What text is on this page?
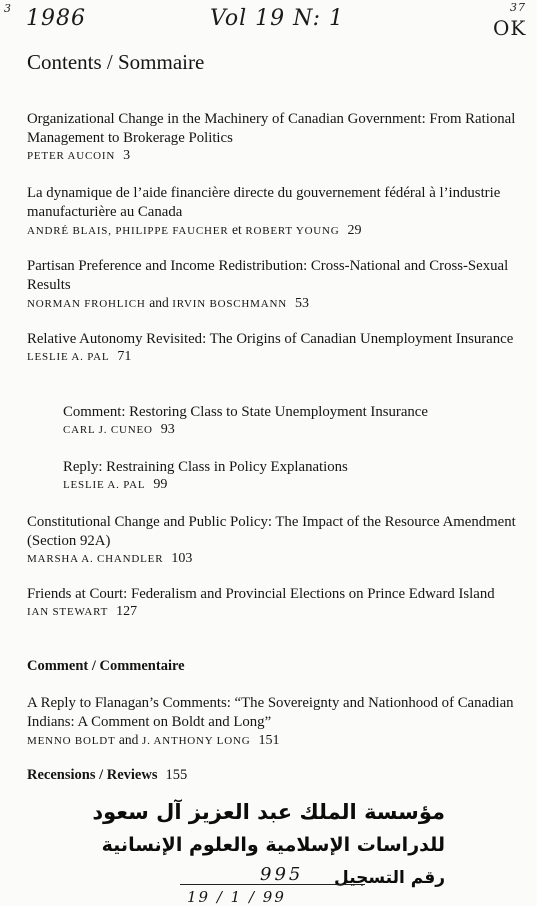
3 1986	Vol 19 N: 1	37
OK
Contents / Sommaire
Organizational Change in the Machinery of Canadian Government: From Rational Management to Brokerage Politics
PETER AUCOIN 3
La dynamique de l’aide financière directe du gouvernement fédéral à l’industrie manufacturière au Canada
ANDRÉ BLAIS, PHILIPPE FAUCHER et ROBERT YOUNG 29
Partisan Preference and Income Redistribution: Cross-National and Cross-Sexual Results
NORMAN FROHLICH and IRVIN BOSCHMANN 53
Relative Autonomy Revisited: The Origins of Canadian Unemployment Insurance
LESLIE A. PAL 71
Comment: Restoring Class to State Unemployment Insurance
CARL J. CUNEO 93
Reply: Restraining Class in Policy Explanations
LESLIE A. PAL 99
Constitutional Change and Public Policy: The Impact of the Resource Amendment (Section 92A)
MARSHA A. CHANDLER 103
Friends at Court: Federalism and Provincial Elections on Prince Edward Island
IAN STEWART 127
Comment / Commentaire
A Reply to Flanagan’s Comments: “The Sovereignty and Nationhood of Canadian Indians: A Comment on Boldt and Long”
MENNO BOLDT and J. ANTHONY LONG 151
Recensions / Reviews 155
مؤسسة الملك عبد العزيز آل سعود
للدراسات الإسلامية والعلوم الإنسانية
رقم التسجيل
995
19 / 1 / 99
